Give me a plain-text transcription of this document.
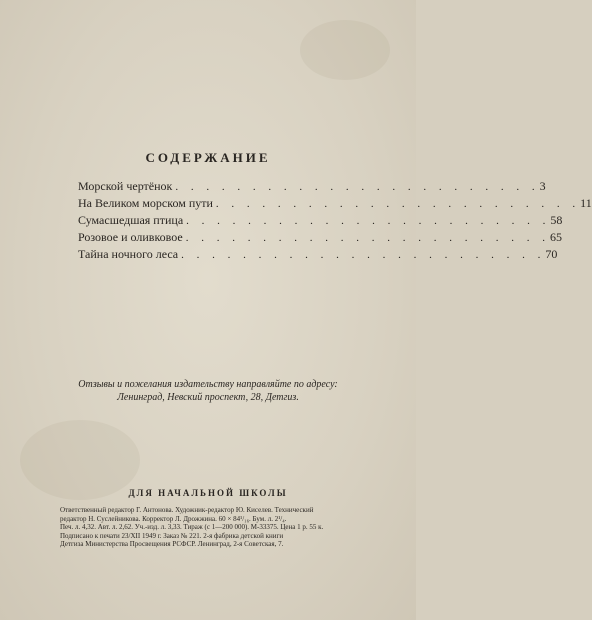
СОДЕРЖАНИЕ
Морской чертёнок . . . . . . . . . . . . . . . . . . . . . . . . 3
На Великом морском пути . . . . . . . . . . . . . . . . . . . . . . . . 11
Сумасшедшая птица . . . . . . . . . . . . . . . . . . . . . . . . 58
Розовое и оливковое . . . . . . . . . . . . . . . . . . . . . . . . 65
Тайна ночного леса . . . . . . . . . . . . . . . . . . . . . . . . 70
Отзывы и пожелания издательству направляйте по адресу:
Ленинград, Невский проспект, 28, Детгиз.
ДЛЯ НАЧАЛЬНОЙ ШКОЛЫ
Ответственный редактор Г. Антонова. Художник-редактор Ю. Киселев. Технический
редактор Н. Суслейникова. Корректор Л. Дрожжина. 60 × 84¹/₁₆. Бум. л. 2¹/₄.
Печ. л. 4,32. Авт. л. 2,62. Уч.-изд. л. 3,33. Тираж (с 1—200 000). М-33375. Цена 1 р. 55 к.
Подписано к печати 23/XII 1949 г. Заказ № 221. 2-я фабрика детской книги
Детгиза Министерства Просвещения РСФСР. Ленинград, 2-я Советская, 7.
